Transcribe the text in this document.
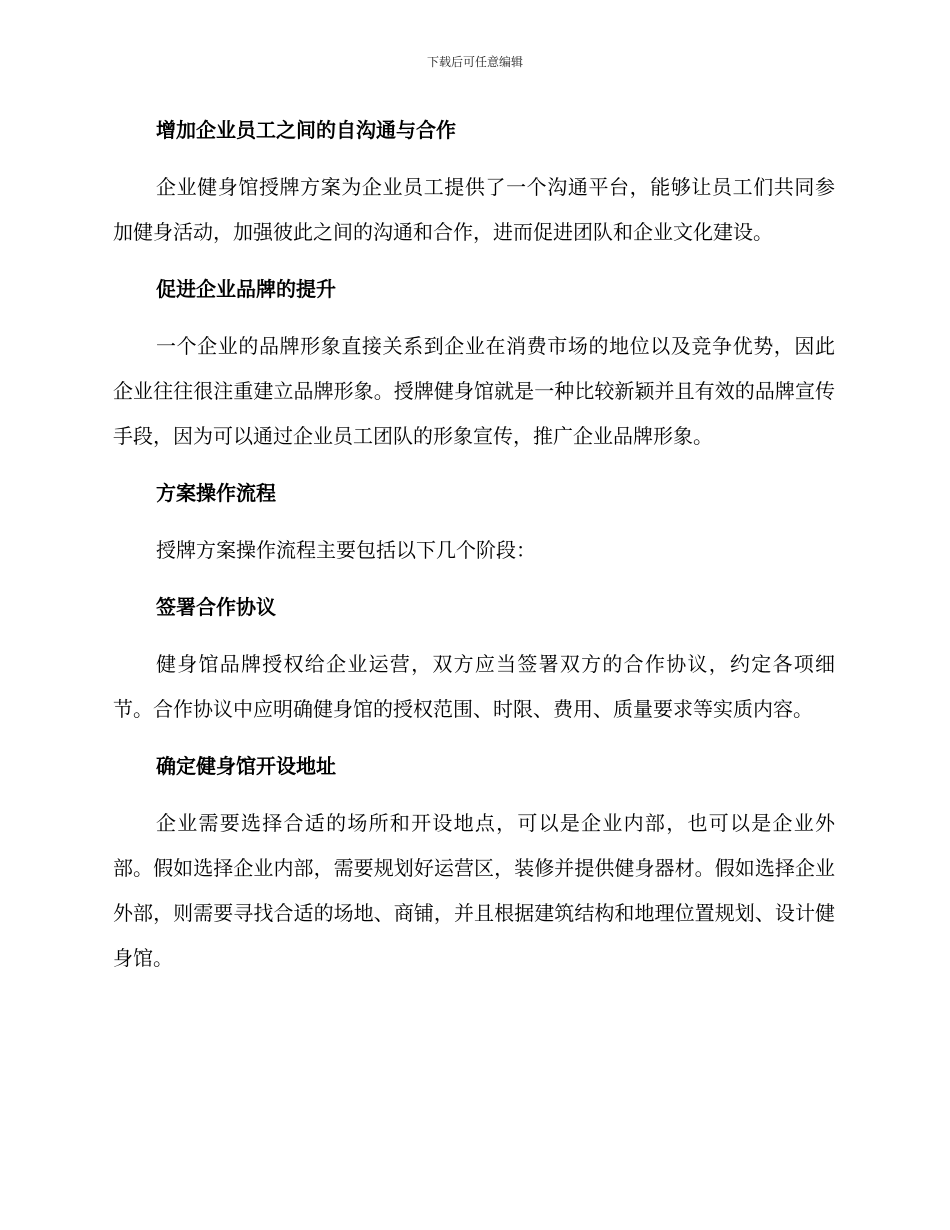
下载后可任意编辑
增加企业员工之间的自沟通与合作

企业健身馆授牌方案为企业员工提供了一个沟通平台，能够让员工们共同参加健身活动，加强彼此之间的沟通和合作，进而促进团队和企业文化建设。

促进企业品牌的提升

一个企业的品牌形象直接关系到企业在消费市场的地位以及竞争优势，因此企业往往很注重建立品牌形象。授牌健身馆就是一种比较新颖并且有效的品牌宣传手段，因为可以通过企业员工团队的形象宣传，推广企业品牌形象。

方案操作流程

授牌方案操作流程主要包括以下几个阶段：

签署合作协议

健身馆品牌授权给企业运营，双方应当签署双方的合作协议，约定各项细节。合作协议中应明确健身馆的授权范围、时限、费用、质量要求等实质内容。

确定健身馆开设地址

企业需要选择合适的场所和开设地点，可以是企业内部，也可以是企业外部。假如选择企业内部，需要规划好运营区，装修并提供健身器材。假如选择企业外部，则需要寻找合适的场地、商铺，并且根据建筑结构和地理位置规划、设计健身馆。
